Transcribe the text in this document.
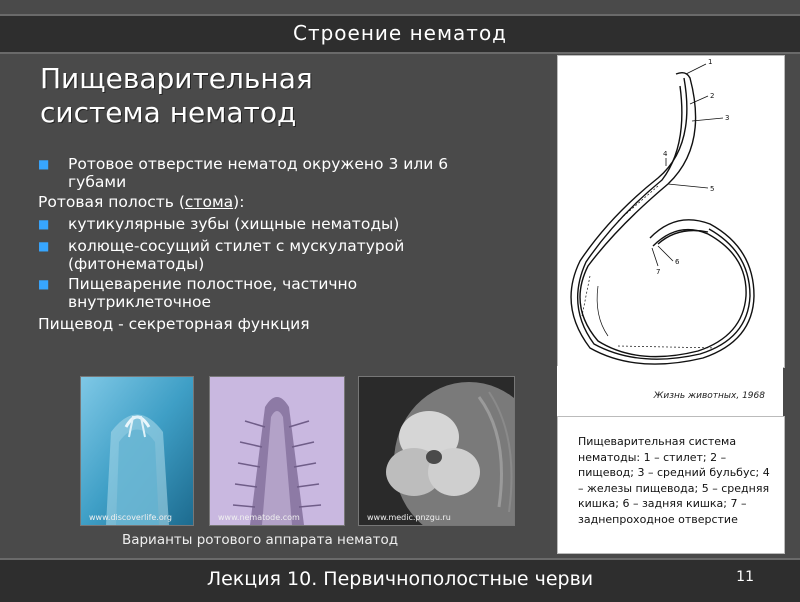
Строение нематод
Пищеварительная
система нематод
■ Ротовое отверстие нематод окружено 3 или 6
губами
Ротовая полость (стома):
■ кутикулярные зубы (хищные нематоды)
■ колюще-сосущий стилет с мускулатурой
(фитонематоды)
■ Пищеварение полостное, частично
внутриклеточное
Пищевод - секреторная функция
www.discoverlife.org	www.nematode.com	www.medic.pnzgu.ru
Варианты ротового аппарата нематод
1
2
3
4
5
6
7
Жизнь животных, 1968
Пищеварительная система нематоды: 1 – стилет; 2 – пищевод; 3 – средний бульбус; 4 – железы пищевода; 5 – средняя кишка; 6 – задняя кишка; 7 – заднепроходное отверстие
Лекция 10. Первичнополостные черви	11
